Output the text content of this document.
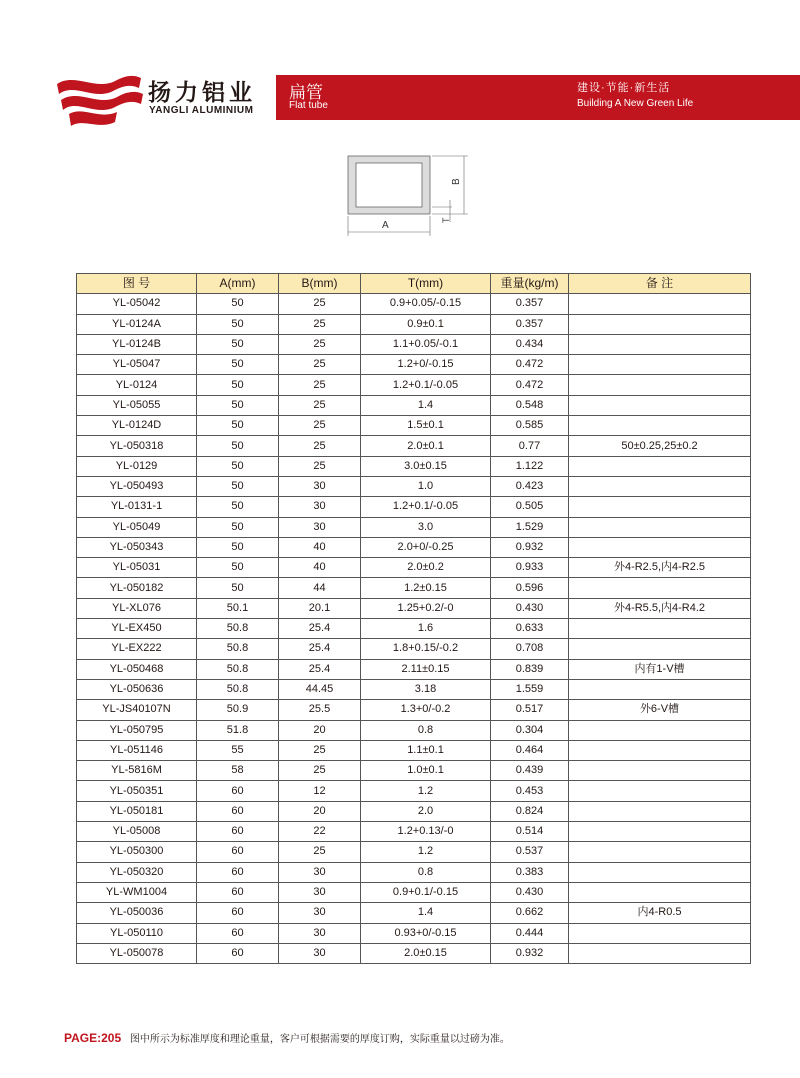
扬力铝业
YANGLI ALUMINIUM
扁管
Flat tube
建设·节能·新生活
Building A New Green Life
A
B
T
图 号	A(mm)	B(mm)	T(mm)	重量(kg/m)	备 注
YL-05042	50	25	0.9+0.05/-0.15	0.357	
YL-0124A	50	25	0.9±0.1	0.357	
YL-0124B	50	25	1.1+0.05/-0.1	0.434	
YL-05047	50	25	1.2+0/-0.15	0.472	
YL-0124	50	25	1.2+0.1/-0.05	0.472	
YL-05055	50	25	1.4	0.548	
YL-0124D	50	25	1.5±0.1	0.585	
YL-050318	50	25	2.0±0.1	0.77	50±0.25,25±0.2
YL-0129	50	25	3.0±0.15	1.122	
YL-050493	50	30	1.0	0.423	
YL-0131-1	50	30	1.2+0.1/-0.05	0.505	
YL-05049	50	30	3.0	1.529	
YL-050343	50	40	2.0+0/-0.25	0.932	
YL-05031	50	40	2.0±0.2	0.933	外4-R2.5,内4-R2.5
YL-050182	50	44	1.2±0.15	0.596	
YL-XL076	50.1	20.1	1.25+0.2/-0	0.430	外4-R5.5,内4-R4.2
YL-EX450	50.8	25.4	1.6	0.633	
YL-EX222	50.8	25.4	1.8+0.15/-0.2	0.708	
YL-050468	50.8	25.4	2.11±0.15	0.839	内有1-V槽
YL-050636	50.8	44.45	3.18	1.559	
YL-JS40107N	50.9	25.5	1.3+0/-0.2	0.517	外6-V槽
YL-050795	51.8	20	0.8	0.304	
YL-051146	55	25	1.1±0.1	0.464	
YL-5816M	58	25	1.0±0.1	0.439	
YL-050351	60	12	1.2	0.453	
YL-050181	60	20	2.0	0.824	
YL-05008	60	22	1.2+0.13/-0	0.514	
YL-050300	60	25	1.2	0.537	
YL-050320	60	30	0.8	0.383	
YL-WM1004	60	30	0.9+0.1/-0.15	0.430	
YL-050036	60	30	1.4	0.662	内4-R0.5
YL-050110	60	30	0.93+0/-0.15	0.444	
YL-050078	60	30	2.0±0.15	0.932	
PAGE:205 图中所示为标准厚度和理论重量，客户可根据需要的厚度订购，实际重量以过磅为准。
